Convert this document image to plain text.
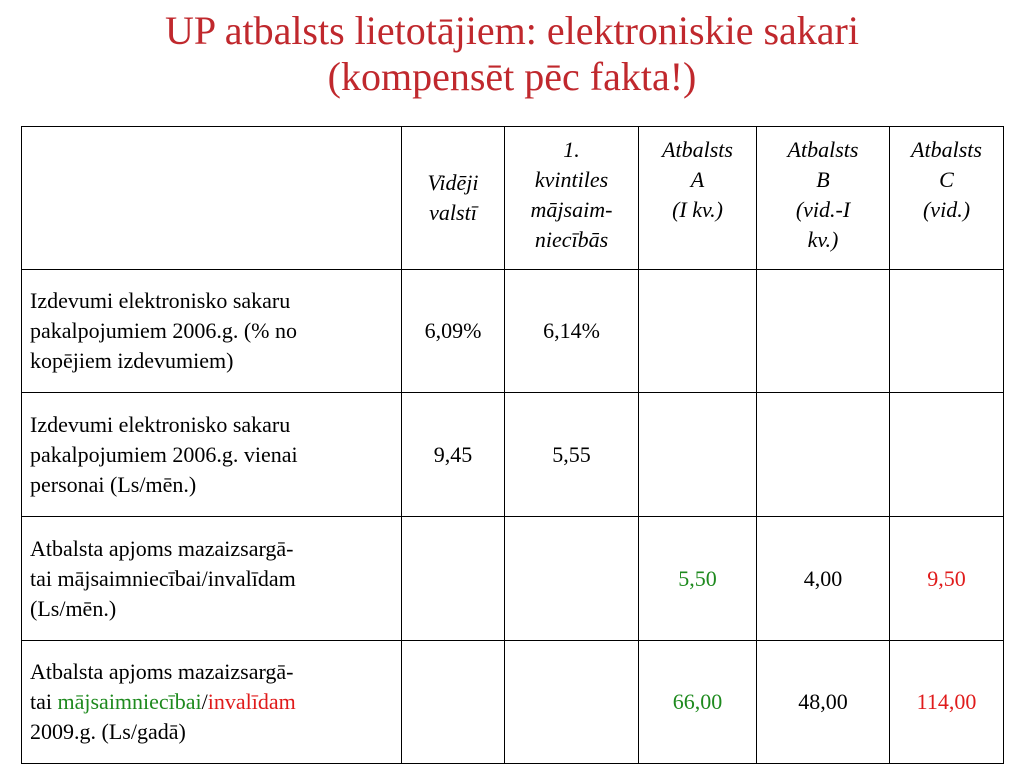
UP atbalsts lietotājiem: elektroniskie sakari
(kompensēt pēc fakta!)

	Vidēji
valstī	1.
kvintiles
mājsaim-
niecībās	Atbalsts
A
(I kv.)	Atbalsts
B
(vid.-I
kv.)	Atbalsts
C
(vid.)

Izdevumi elektronisko sakaru
pakalpojumiem 2006.g. (% no
kopējiem izdevumiem)	6,09%	6,14%			

Izdevumi elektronisko sakaru
pakalpojumiem 2006.g. vienai
personai (Ls/mēn.)	9,45	5,55			

Atbalsta apjoms mazaizsargā-
tai mājsaimniecībai/invalīdam
(Ls/mēn.)			5,50	4,00	9,50

Atbalsta apjoms mazaizsargā-
tai mājsaimniecībai/invalīdam
2009.g. (Ls/gadā)			66,00	48,00	114,00
